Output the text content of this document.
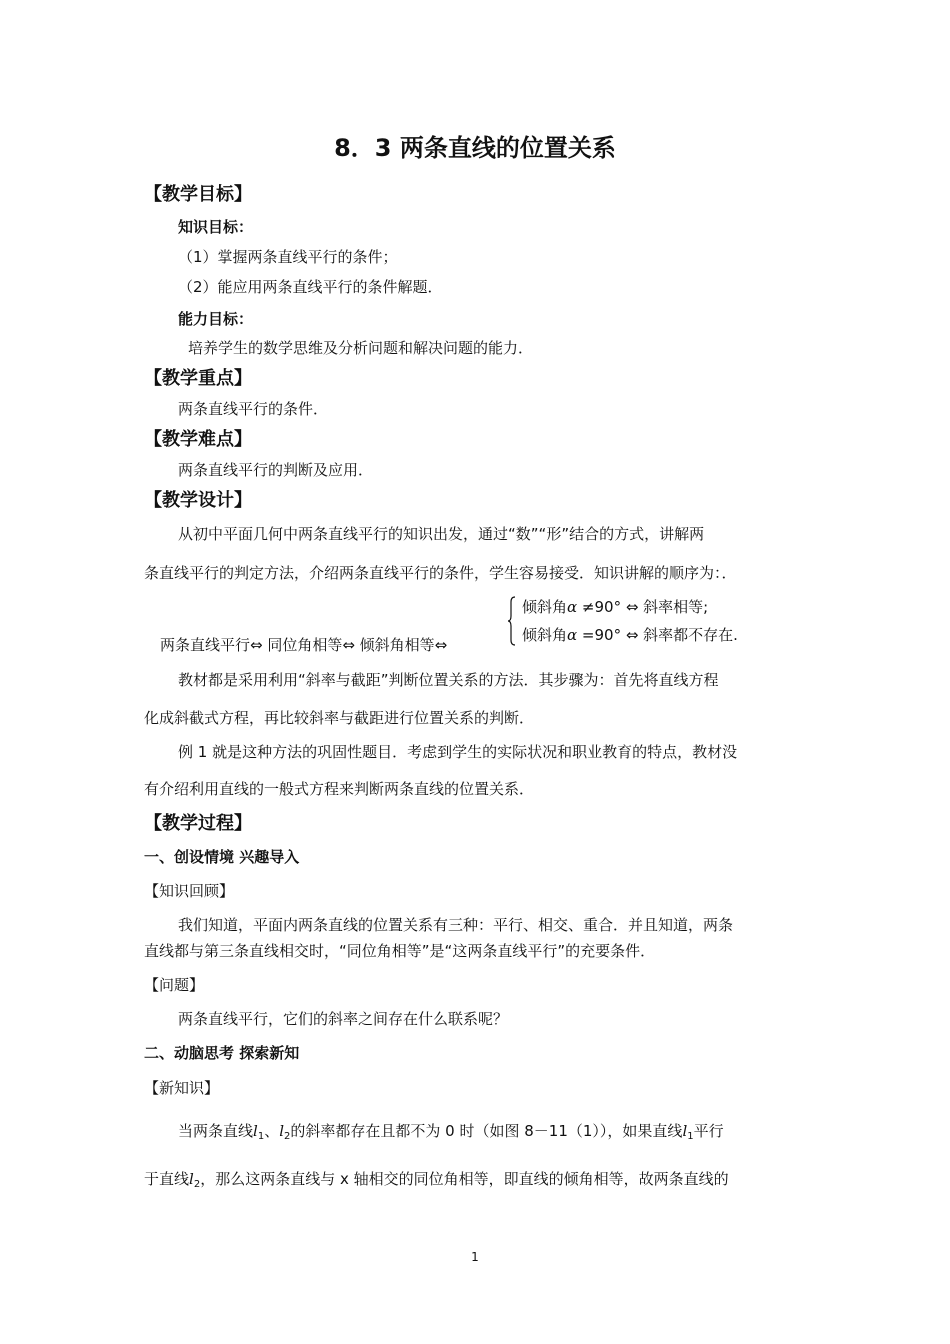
8．3 两条直线的位置关系
【教学目标】
知识目标：
（1）掌握两条直线平行的条件；
（2）能应用两条直线平行的条件解题．
能力目标：
培养学生的数学思维及分析问题和解决问题的能力．
【教学重点】
两条直线平行的条件．
【教学难点】
两条直线平行的判断及应用．
【教学设计】
从初中平面几何中两条直线平行的知识出发，通过“数”“形”结合的方式，讲解两
条直线平行的判定方法，介绍两条直线平行的条件，学生容易接受．知识讲解的顺序为：．
两条直线平行⇔ 同位角相等⇔ 倾斜角相等⇔
倾斜角α ≠90° ⇔ 斜率相等;
倾斜角α =90° ⇔ 斜率都不存在.
教材都是采用利用“斜率与截距”判断位置关系的方法．其步骤为：首先将直线方程
化成斜截式方程，再比较斜率与截距进行位置关系的判断．
例 1 就是这种方法的巩固性题目．考虑到学生的实际状况和职业教育的特点，教材没
有介绍利用直线的一般式方程来判断两条直线的位置关系．
【教学过程】
一、创设情境 兴趣导入
【知识回顾】
我们知道，平面内两条直线的位置关系有三种：平行、相交、重合．并且知道，两条
直线都与第三条直线相交时，“同位角相等”是“这两条直线平行”的充要条件．
【问题】
两条直线平行，它们的斜率之间存在什么联系呢？
二、动脑思考 探索新知
【新知识】
当两条直线$l_1$、$l_2$的斜率都存在且都不为 0 时（如图 8－11（1）），如果直线$l_1$平行
于直线$l_2$，那么这两条直线与 x 轴相交的同位角相等，即直线的倾角相等，故两条直线的
1
